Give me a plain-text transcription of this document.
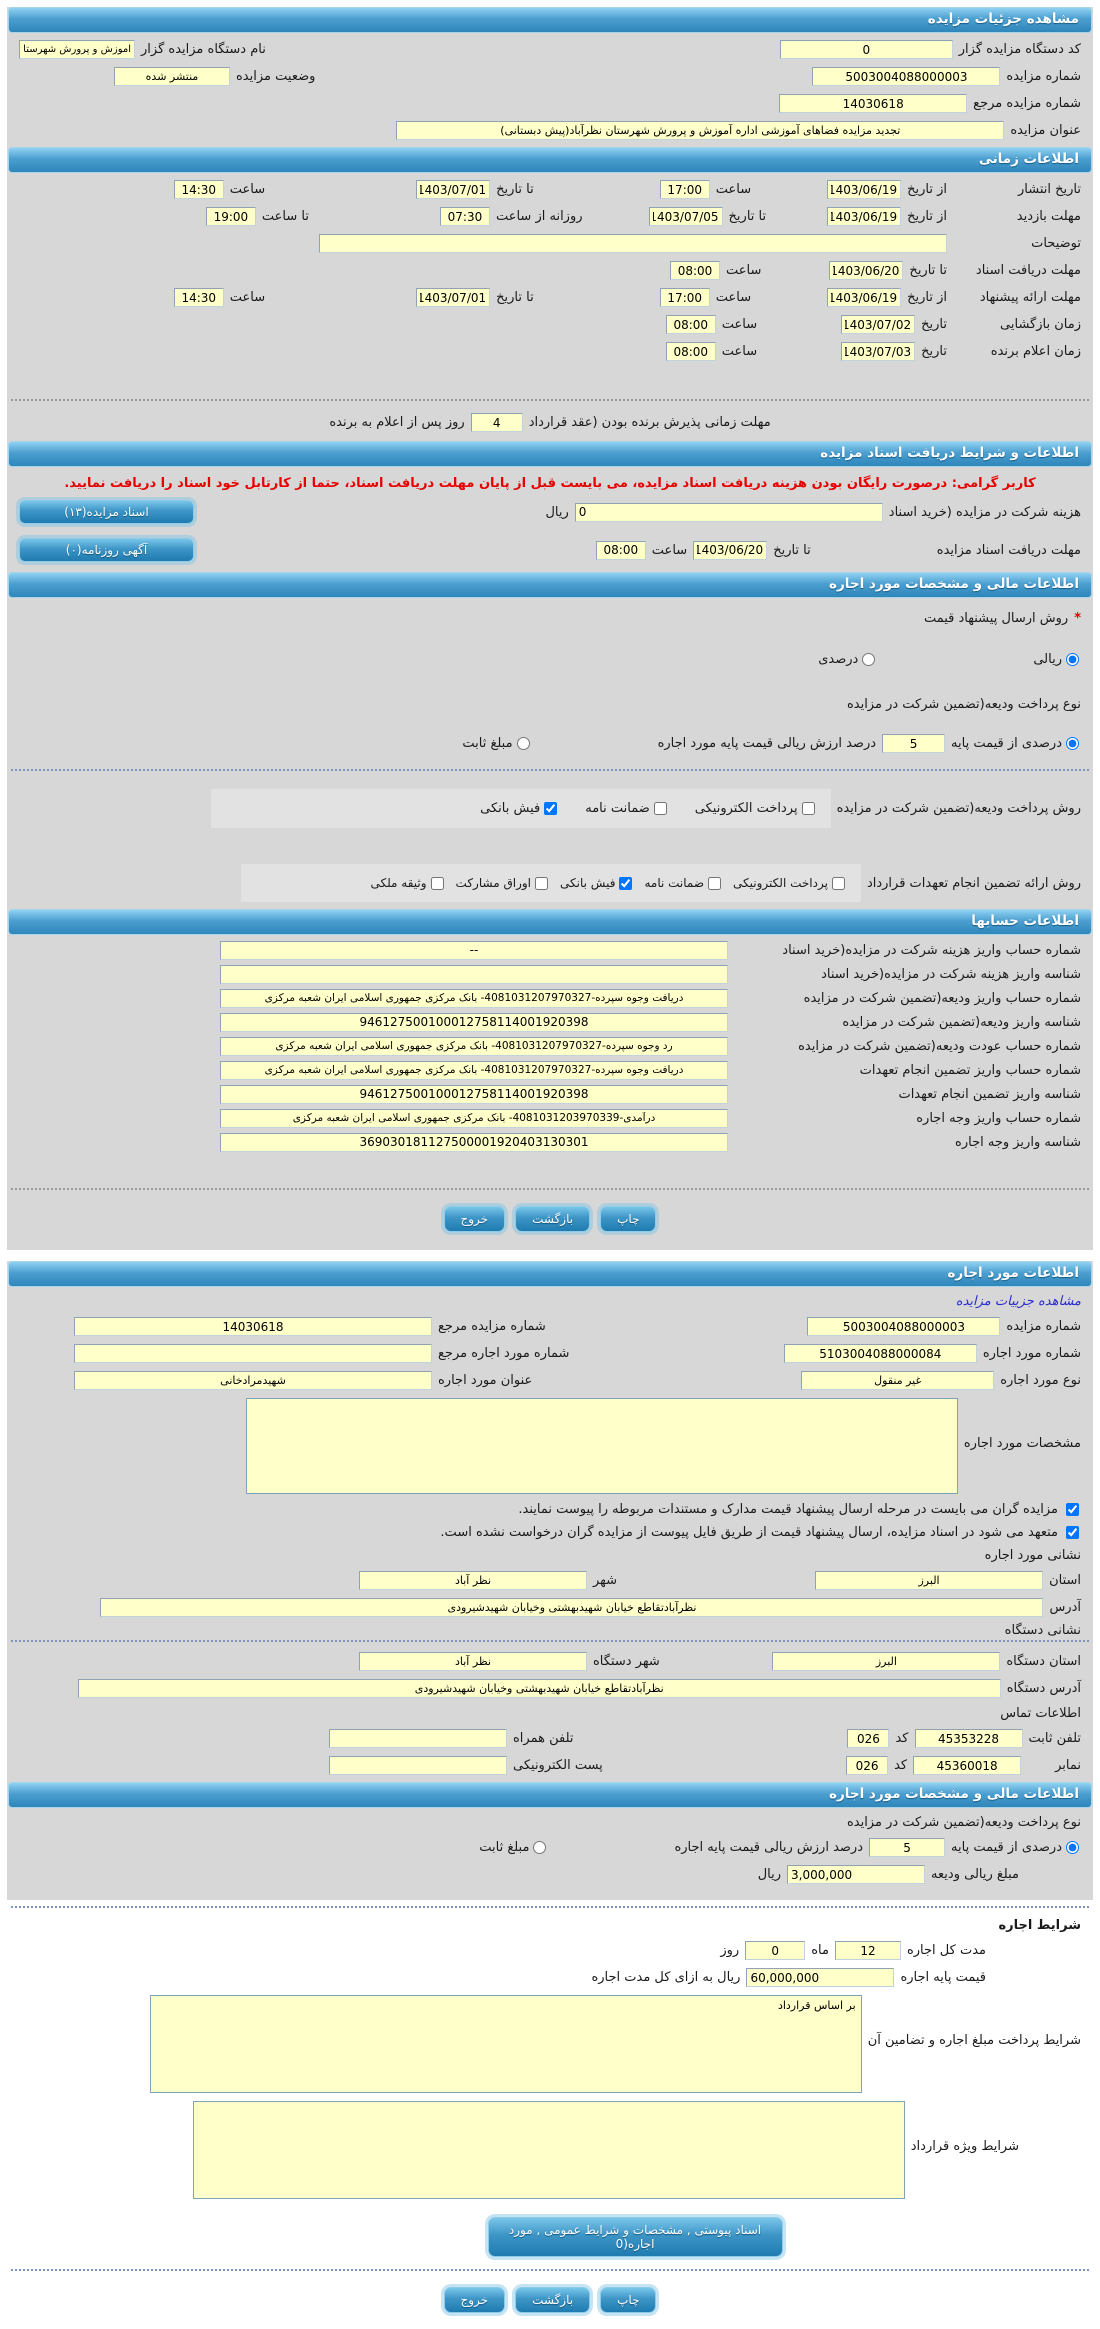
مشاهده جزئیات مزایده
کد دستگاه مزایده گزار
0
نام دستگاه مزایده گزار
آموزش و پرورش شهرستان
شماره مزایده
5003004088000003
وضعیت مزایده
منتشر شده
شماره مزایده مرجع
14030618
عنوان مزایده
تجدید مزایده فضاهای آموزشی اداره آموزش و پرورش شهرستان نظرآباد(پیش دبستانی)
اطلاعات زمانی
تاریخ انتشار
از تاریخ
1403/06/19
ساعت
17:00
تا تاریخ
1403/07/01
ساعت
14:30
مهلت بازدید
از تاریخ
1403/06/19
تا تاریخ
1403/07/05
روزانه از ساعت
07:30
تا ساعت
19:00
توضیحات
مهلت دریافت اسناد
تا تاریخ
1403/06/20
ساعت
08:00
مهلت ارائه پیشنهاد
از تاریخ
1403/06/19
ساعت
17:00
تا تاریخ
1403/07/01
ساعت
14:30
زمان بازگشایی
تاریخ
1403/07/02
ساعت
08:00
زمان اعلام برنده
تاریخ
1403/07/03
ساعت
08:00
مهلت زمانی پذیرش برنده بودن (عقد قرارداد
4
روز پس از اعلام به برنده
اطلاعات و شرایط دریافت اسناد مزایده
کاربر گرامی: درصورت رایگان بودن هزینه دریافت اسناد مزایده، می بایست قبل از پایان مهلت دریافت اسناد، حتما از کارتابل خود اسناد را دریافت نمایید.
هزینه شرکت در مزایده (خرید اسناد
0
ریال
اسناد مزایده(۱۳)
مهلت دریافت اسناد مزایده
تا تاریخ
1403/06/20
ساعت
08:00
آگهی روزنامه(۰)
اطلاعات مالی و مشخصات مورد اجاره
*
روش ارسال پیشنهاد قیمت
ریالی
درصدی
نوع پرداخت ودیعه(تضمین شرکت در مزایده
درصدی از قیمت پایه
5
درصد ارزش ریالی قیمت پایه مورد اجاره
مبلغ ثابت
روش پرداخت ودیعه(تضمین شرکت در مزایده
پرداخت الکترونیکی
ضمانت نامه
فیش بانکی
روش ارائه تضمین انجام تعهدات قرارداد
پرداخت الکترونیکی
ضمانت نامه
فیش بانکی
اوراق مشارکت
وثیقه ملکی
اطلاعات حسابها
شماره حساب واریز هزینه شرکت در مزایده(خرید اسناد
--
شناسه واریز هزینه شرکت در مزایده(خرید اسناد
شماره حساب واریز ودیعه(تضمین شرکت در مزایده
دریافت وجوه سپرده-4081031207970327- بانک مرکزی جمهوری اسلامی ایران شعبه مرکزی
شناسه واریز ودیعه(تضمین شرکت در مزایده
946127500100012758114001920398
شماره حساب عودت ودیعه(تضمین شرکت در مزایده
رد وجوه سپرده-4081031207970327- بانک مرکزی جمهوری اسلامی ایران شعبه مرکزی
شماره حساب واریز تضمین انجام تعهدات
دریافت وجوه سپرده-4081031207970327- بانک مرکزی جمهوری اسلامی ایران شعبه مرکزی
شناسه واریز تضمین انجام تعهدات
946127500100012758114001920398
شماره حساب واریز وجه اجاره
درآمدی-4081031203970339- بانک مرکزی جمهوری اسلامی ایران شعبه مرکزی
شناسه واریز وجه اجاره
369030181127500001920403130301
چاپ
بازگشت
خروج
اطلاعات مورد اجاره
مشاهده جزییات مزایده
شماره مزایده
5003004088000003
شماره مزایده مرجع
14030618
شماره مورد اجاره
5103004088000084
شماره مورد اجاره مرجع
نوع مورد اجاره
غیر منقول
عنوان مورد اجاره
شهیدمرادخانی
مشخصات مورد اجاره
مزایده گران می بایست در مرحله ارسال پیشنهاد قیمت مدارک و مستندات مربوطه را پیوست نمایند.
متعهد می شود در اسناد مزایده، ارسال پیشنهاد قیمت از طریق فایل پیوست از مزایده گران درخواست نشده است.
نشانی مورد اجاره
استان
البرز
شهر
نظر آباد
آدرس
نظرآبادتقاطع خیابان شهیدبهشتی وخیابان شهیدشیرودی
نشانی دستگاه
استان دستگاه
البرز
شهر دستگاه
نظر آباد
آدرس دستگاه
نظرآبادتقاطع خیابان شهیدبهشتی وخیابان شهیدشیرودی
اطلاعات تماس
تلفن ثابت
45353228
کد
026
تلفن همراه
نمابر
45360018
کد
026
پست الکترونیکی
اطلاعات مالی و مشخصات مورد اجاره
نوع پرداخت ودیعه(تضمین شرکت در مزایده
درصدی از قیمت پایه
5
درصد ارزش ریالی قیمت پایه اجاره
مبلغ ثابت
مبلغ ریالی ودیعه
3,000,000
ریال
شرایط اجاره
مدت کل اجاره
12
ماه
0
روز
قیمت پایه اجاره
60,000,000
ریال به ازای کل مدت اجاره
شرایط پرداخت مبلغ اجاره و تضامین آن
بر اساس قرارداد
شرایط ویژه قرارداد
اسناد پیوستی , مشخصات و شرایط عمومی , مورد اجاره(0
چاپ
بازگشت
خروج
